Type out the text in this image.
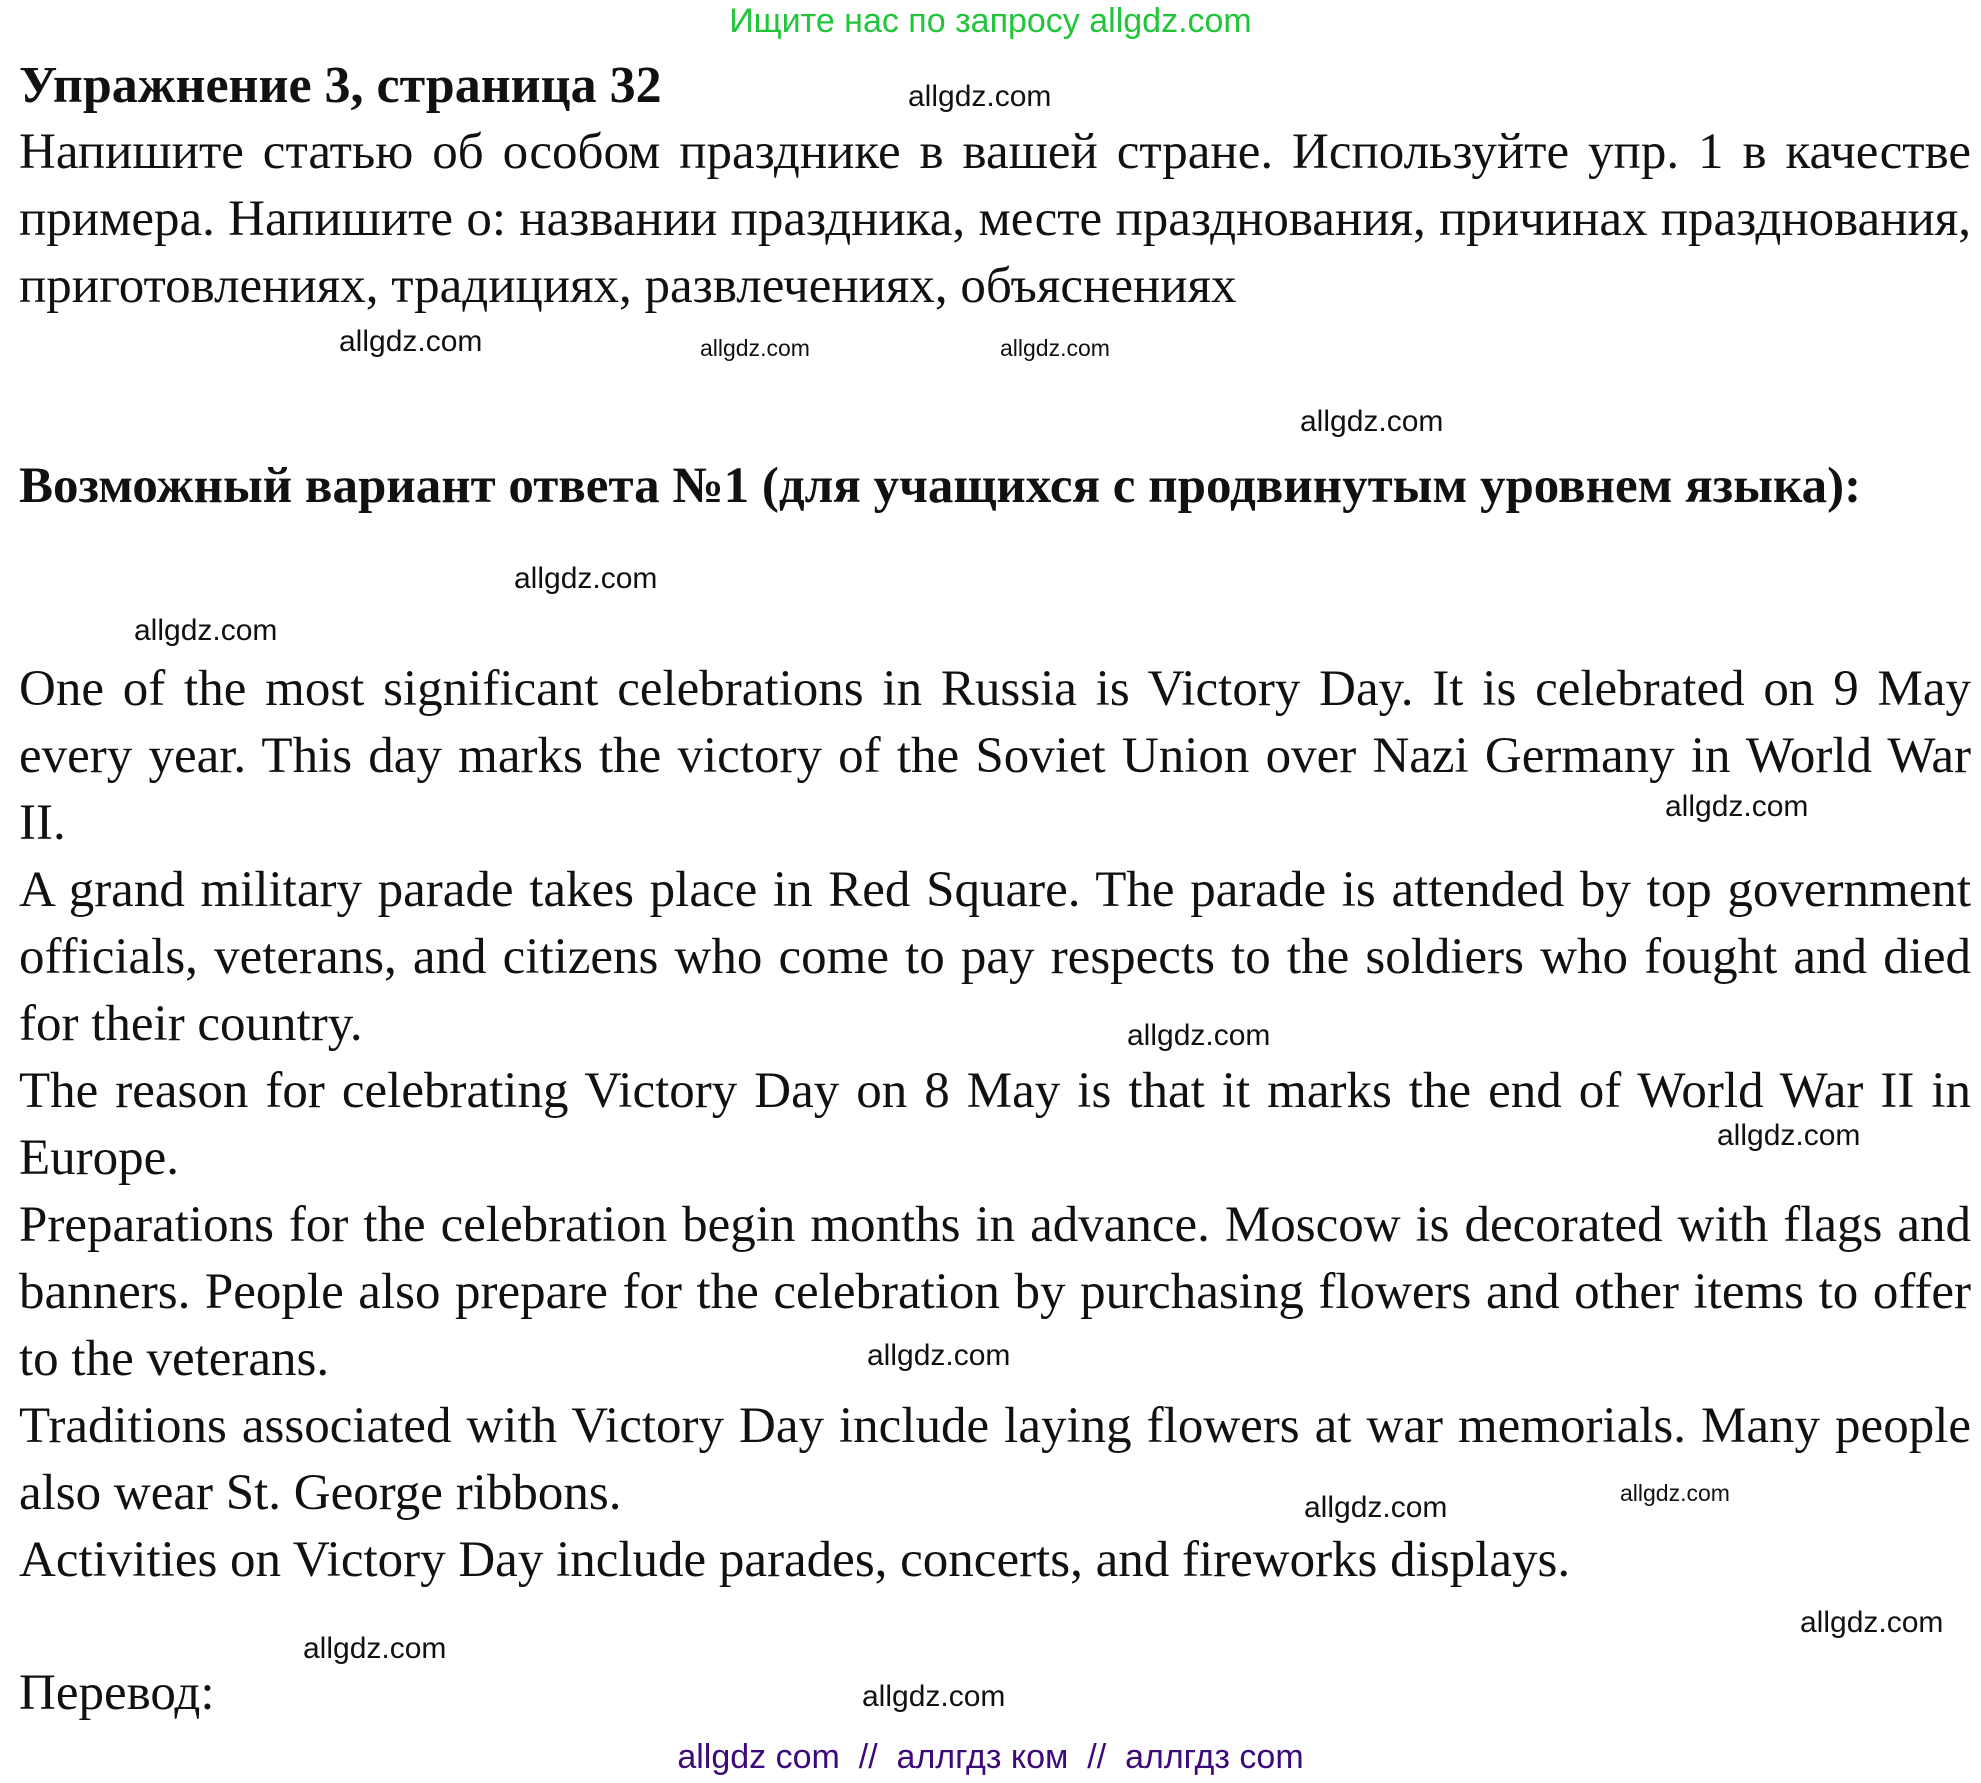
Ищите нас по запросу allgdz.com
Упражнение 3, страница 32

Напишите статью об особом празднике в вашей стране. Используйте упр. 1 в качестве примера. Напишите о: названии праздника, месте празднования, причинах празднования, приготовлениях, традициях, развлечениях, объяснениях

Возможный вариант ответа №1 (для учащихся с продвинутым уровнем языка):

One of the most significant celebrations in Russia is Victory Day. It is celebrated on 9 May every year. This day marks the victory of the Soviet Union over Nazi Germany in World War II.

A grand military parade takes place in Red Square. The parade is attended by top government officials, veterans, and citizens who come to pay respects to the soldiers who fought and died for their country.

The reason for celebrating Victory Day on 8 May is that it marks the end of World War II in Europe.

Preparations for the celebration begin months in advance. Moscow is decorated with flags and banners. People also prepare for the celebration by purchasing flowers and other items to offer to the veterans.

Traditions associated with Victory Day include laying flowers at war memorials. Many people also wear St. George ribbons.

Activities on Victory Day include parades, concerts, and fireworks displays.

Перевод:
allgdz com  //  аллгдз ком  //  аллгдз com
allgdz.com
allgdz.com	allgdz.com
allgdz.com
allgdz.com
allgdz.com
allgdz.com
allgdz.com
allgdz.com
allgdz.com
allgdz.com
allgdz.com
allgdz.com
allgdz.com
allgdz.com
allgdz.com
